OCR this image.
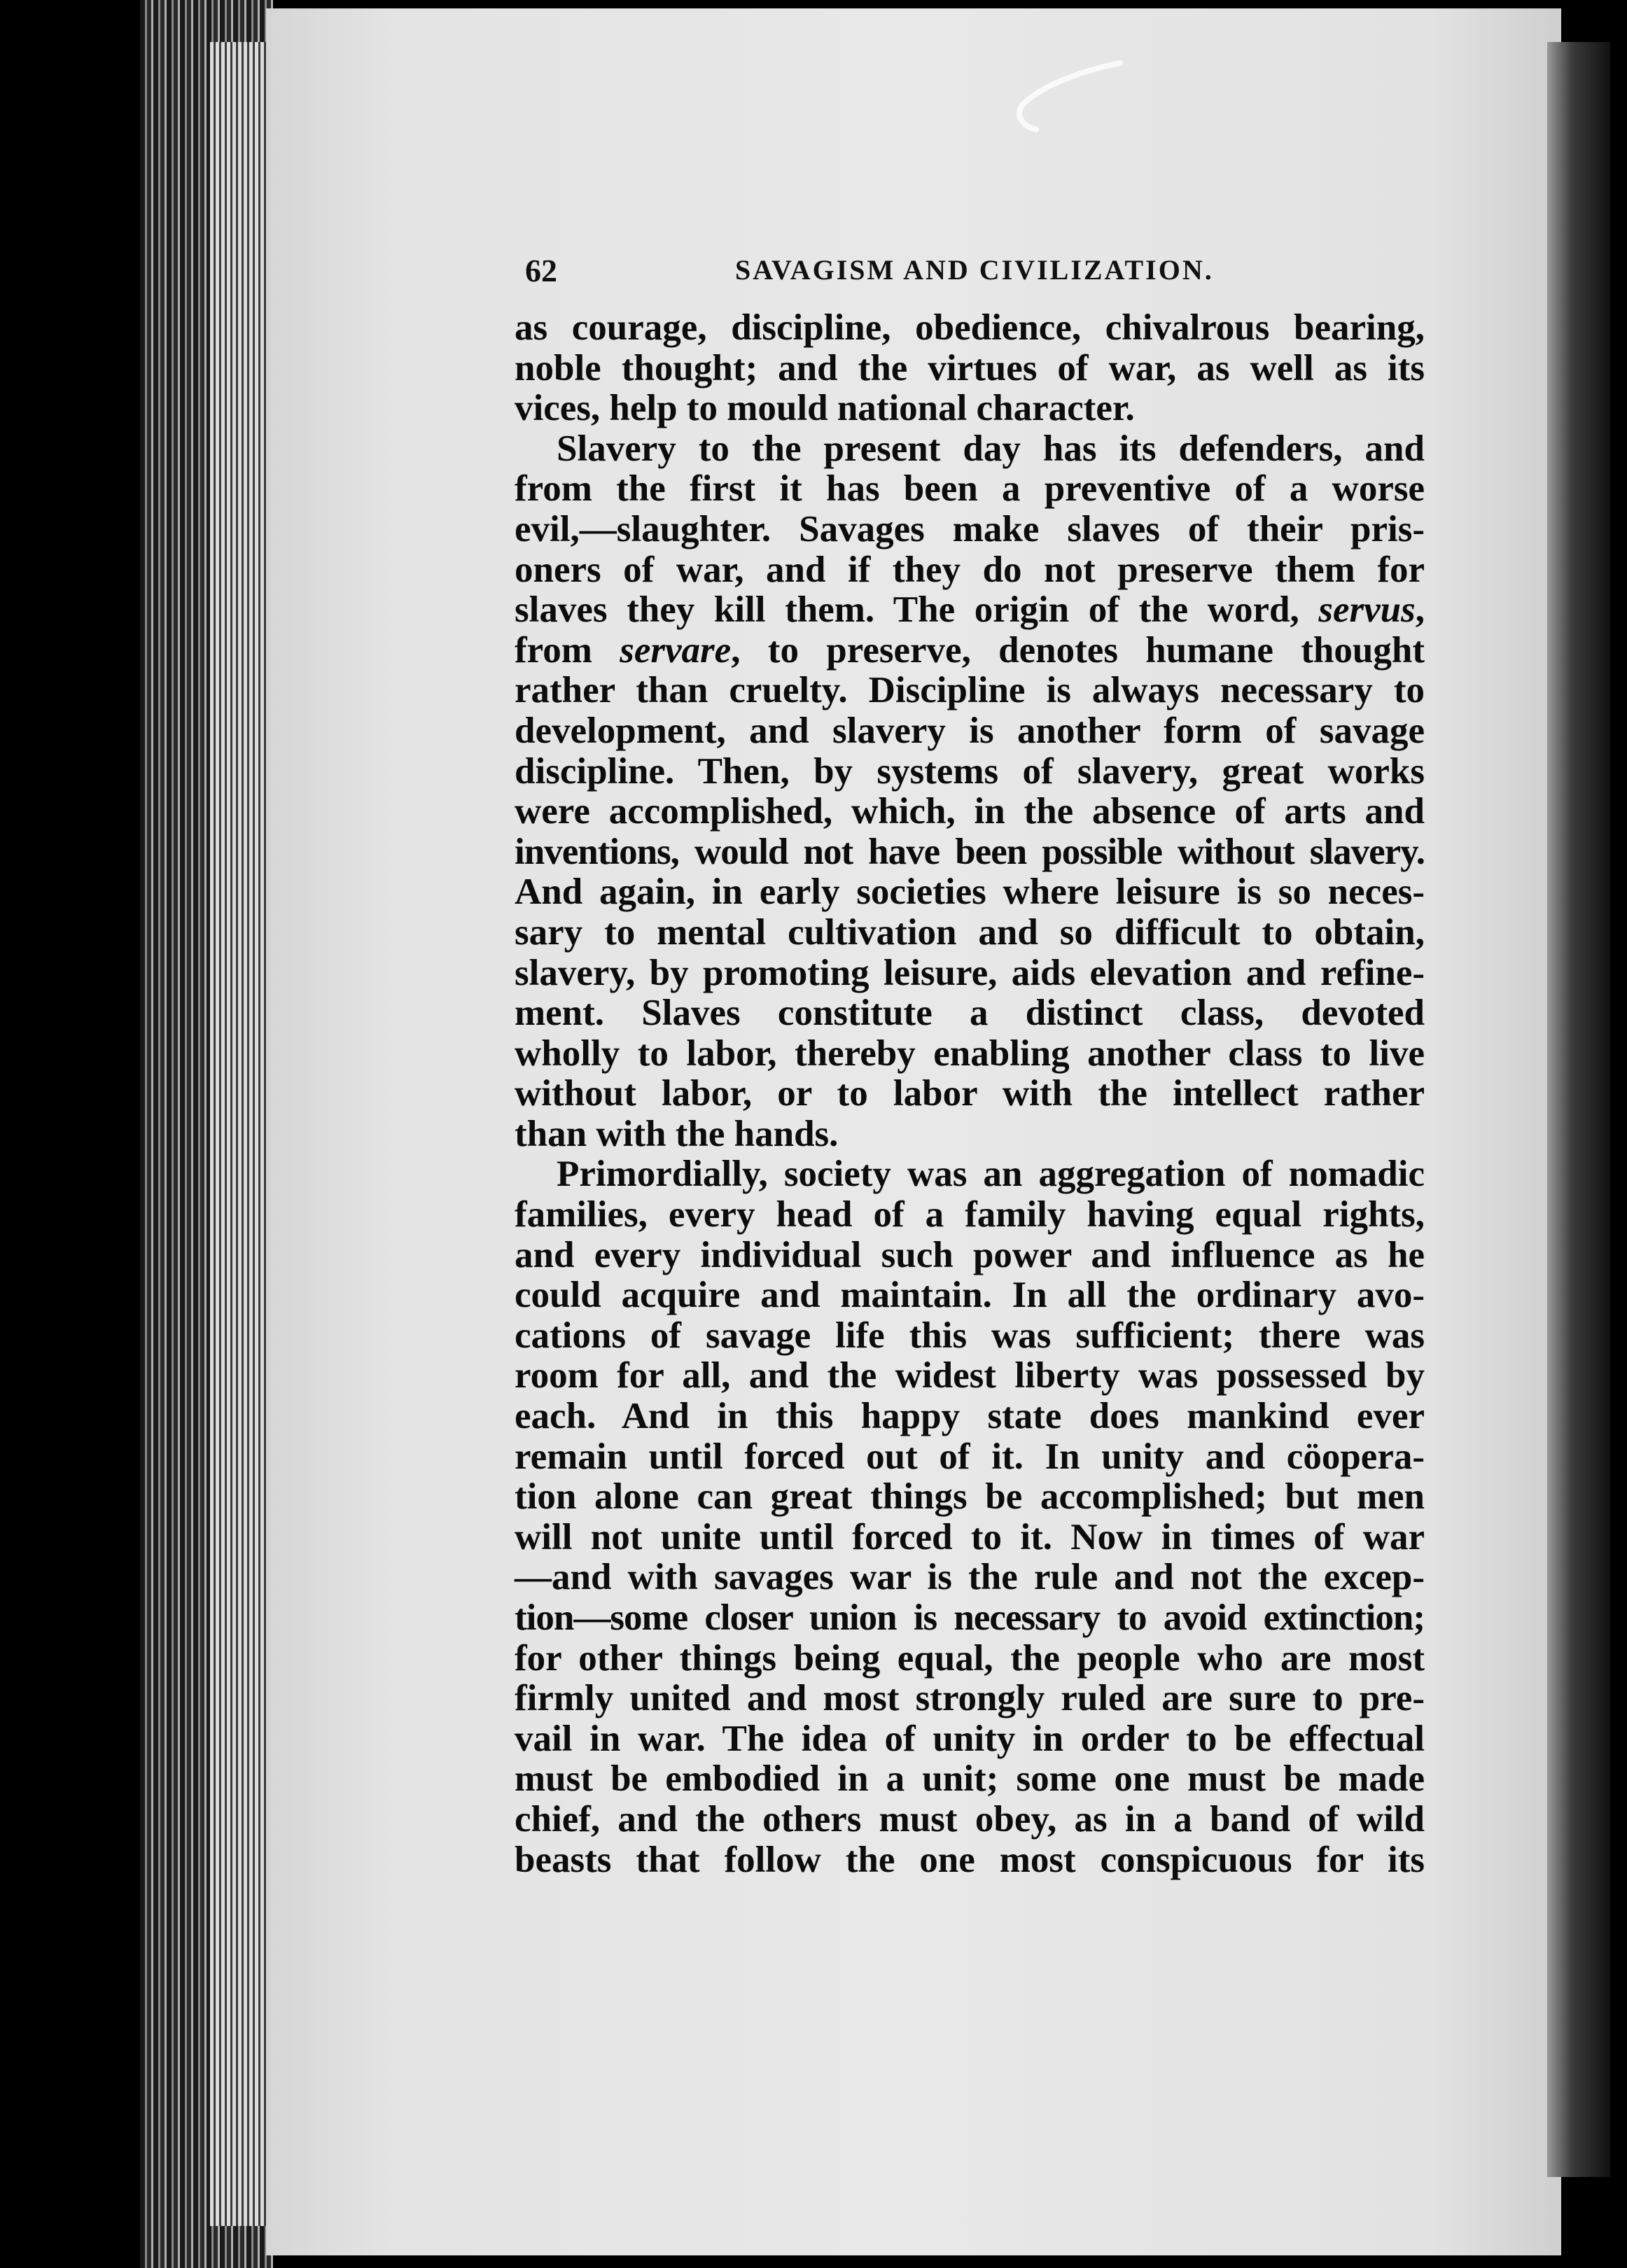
62	SAVAGISM AND CIVILIZATION.
as courage, discipline, obedience, chivalrous bearing,
noble thought; and the virtues of war, as well as its
vices, help to mould national character.
Slavery to the present day has its defenders, and
from the first it has been a preventive of a worse
evil,—slaughter. Savages make slaves of their pris-
oners of war, and if they do not preserve them for
slaves they kill them. The origin of the word, servus,
from servare, to preserve, denotes humane thought
rather than cruelty. Discipline is always necessary to
development, and slavery is another form of savage
discipline. Then, by systems of slavery, great works
were accomplished, which, in the absence of arts and
inventions, would not have been possible without slavery.
And again, in early societies where leisure is so neces-
sary to mental cultivation and so difficult to obtain,
slavery, by promoting leisure, aids elevation and refine-
ment. Slaves constitute a distinct class, devoted
wholly to labor, thereby enabling another class to live
without labor, or to labor with the intellect rather
than with the hands.
Primordially, society was an aggregation of nomadic
families, every head of a family having equal rights,
and every individual such power and influence as he
could acquire and maintain. In all the ordinary avo-
cations of savage life this was sufficient; there was
room for all, and the widest liberty was possessed by
each. And in this happy state does mankind ever
remain until forced out of it. In unity and cöopera-
tion alone can great things be accomplished; but men
will not unite until forced to it. Now in times of war
—and with savages war is the rule and not the excep-
tion—some closer union is necessary to avoid extinction;
for other things being equal, the people who are most
firmly united and most strongly ruled are sure to pre-
vail in war. The idea of unity in order to be effectual
must be embodied in a unit; some one must be made
chief, and the others must obey, as in a band of wild
beasts that follow the one most conspicuous for its
